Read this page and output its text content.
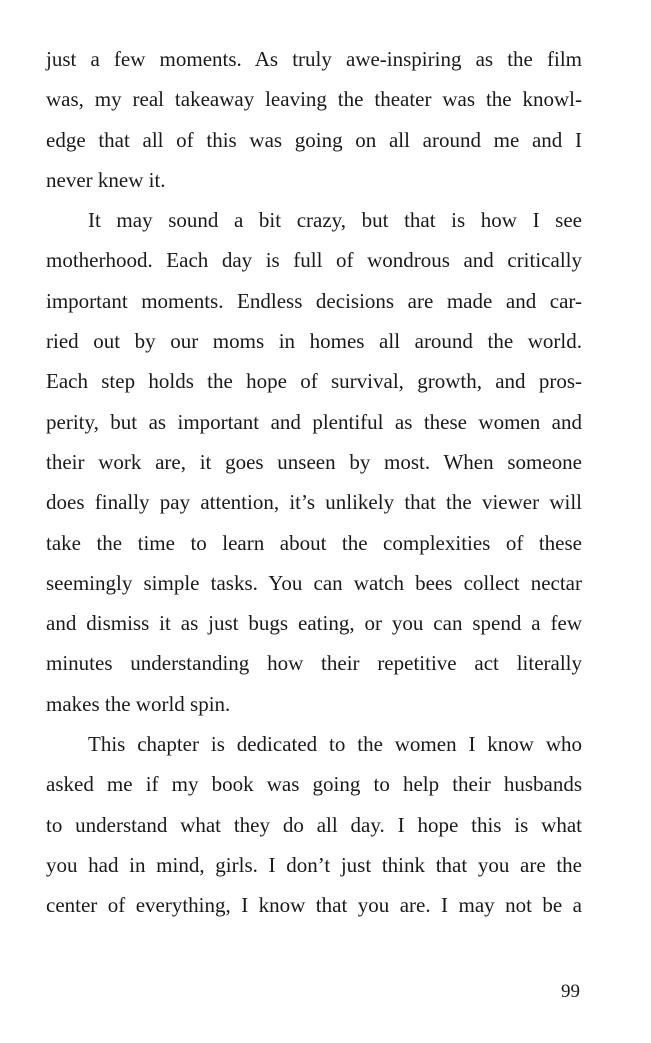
just a few moments. As truly awe-inspiring as the film
was, my real takeaway leaving the theater was the knowl-
edge that all of this was going on all around me and I
never knew it.
It may sound a bit crazy, but that is how I see
motherhood. Each day is full of wondrous and critically
important moments. Endless decisions are made and car-
ried out by our moms in homes all around the world.
Each step holds the hope of survival, growth, and pros-
perity, but as important and plentiful as these women and
their work are, it goes unseen by most. When someone
does finally pay attention, it’s unlikely that the viewer will
take the time to learn about the complexities of these
seemingly simple tasks. You can watch bees collect nectar
and dismiss it as just bugs eating, or you can spend a few
minutes understanding how their repetitive act literally
makes the world spin.
This chapter is dedicated to the women I know who
asked me if my book was going to help their husbands
to understand what they do all day. I hope this is what
you had in mind, girls. I don’t just think that you are the
center of everything, I know that you are. I may not be a
99
